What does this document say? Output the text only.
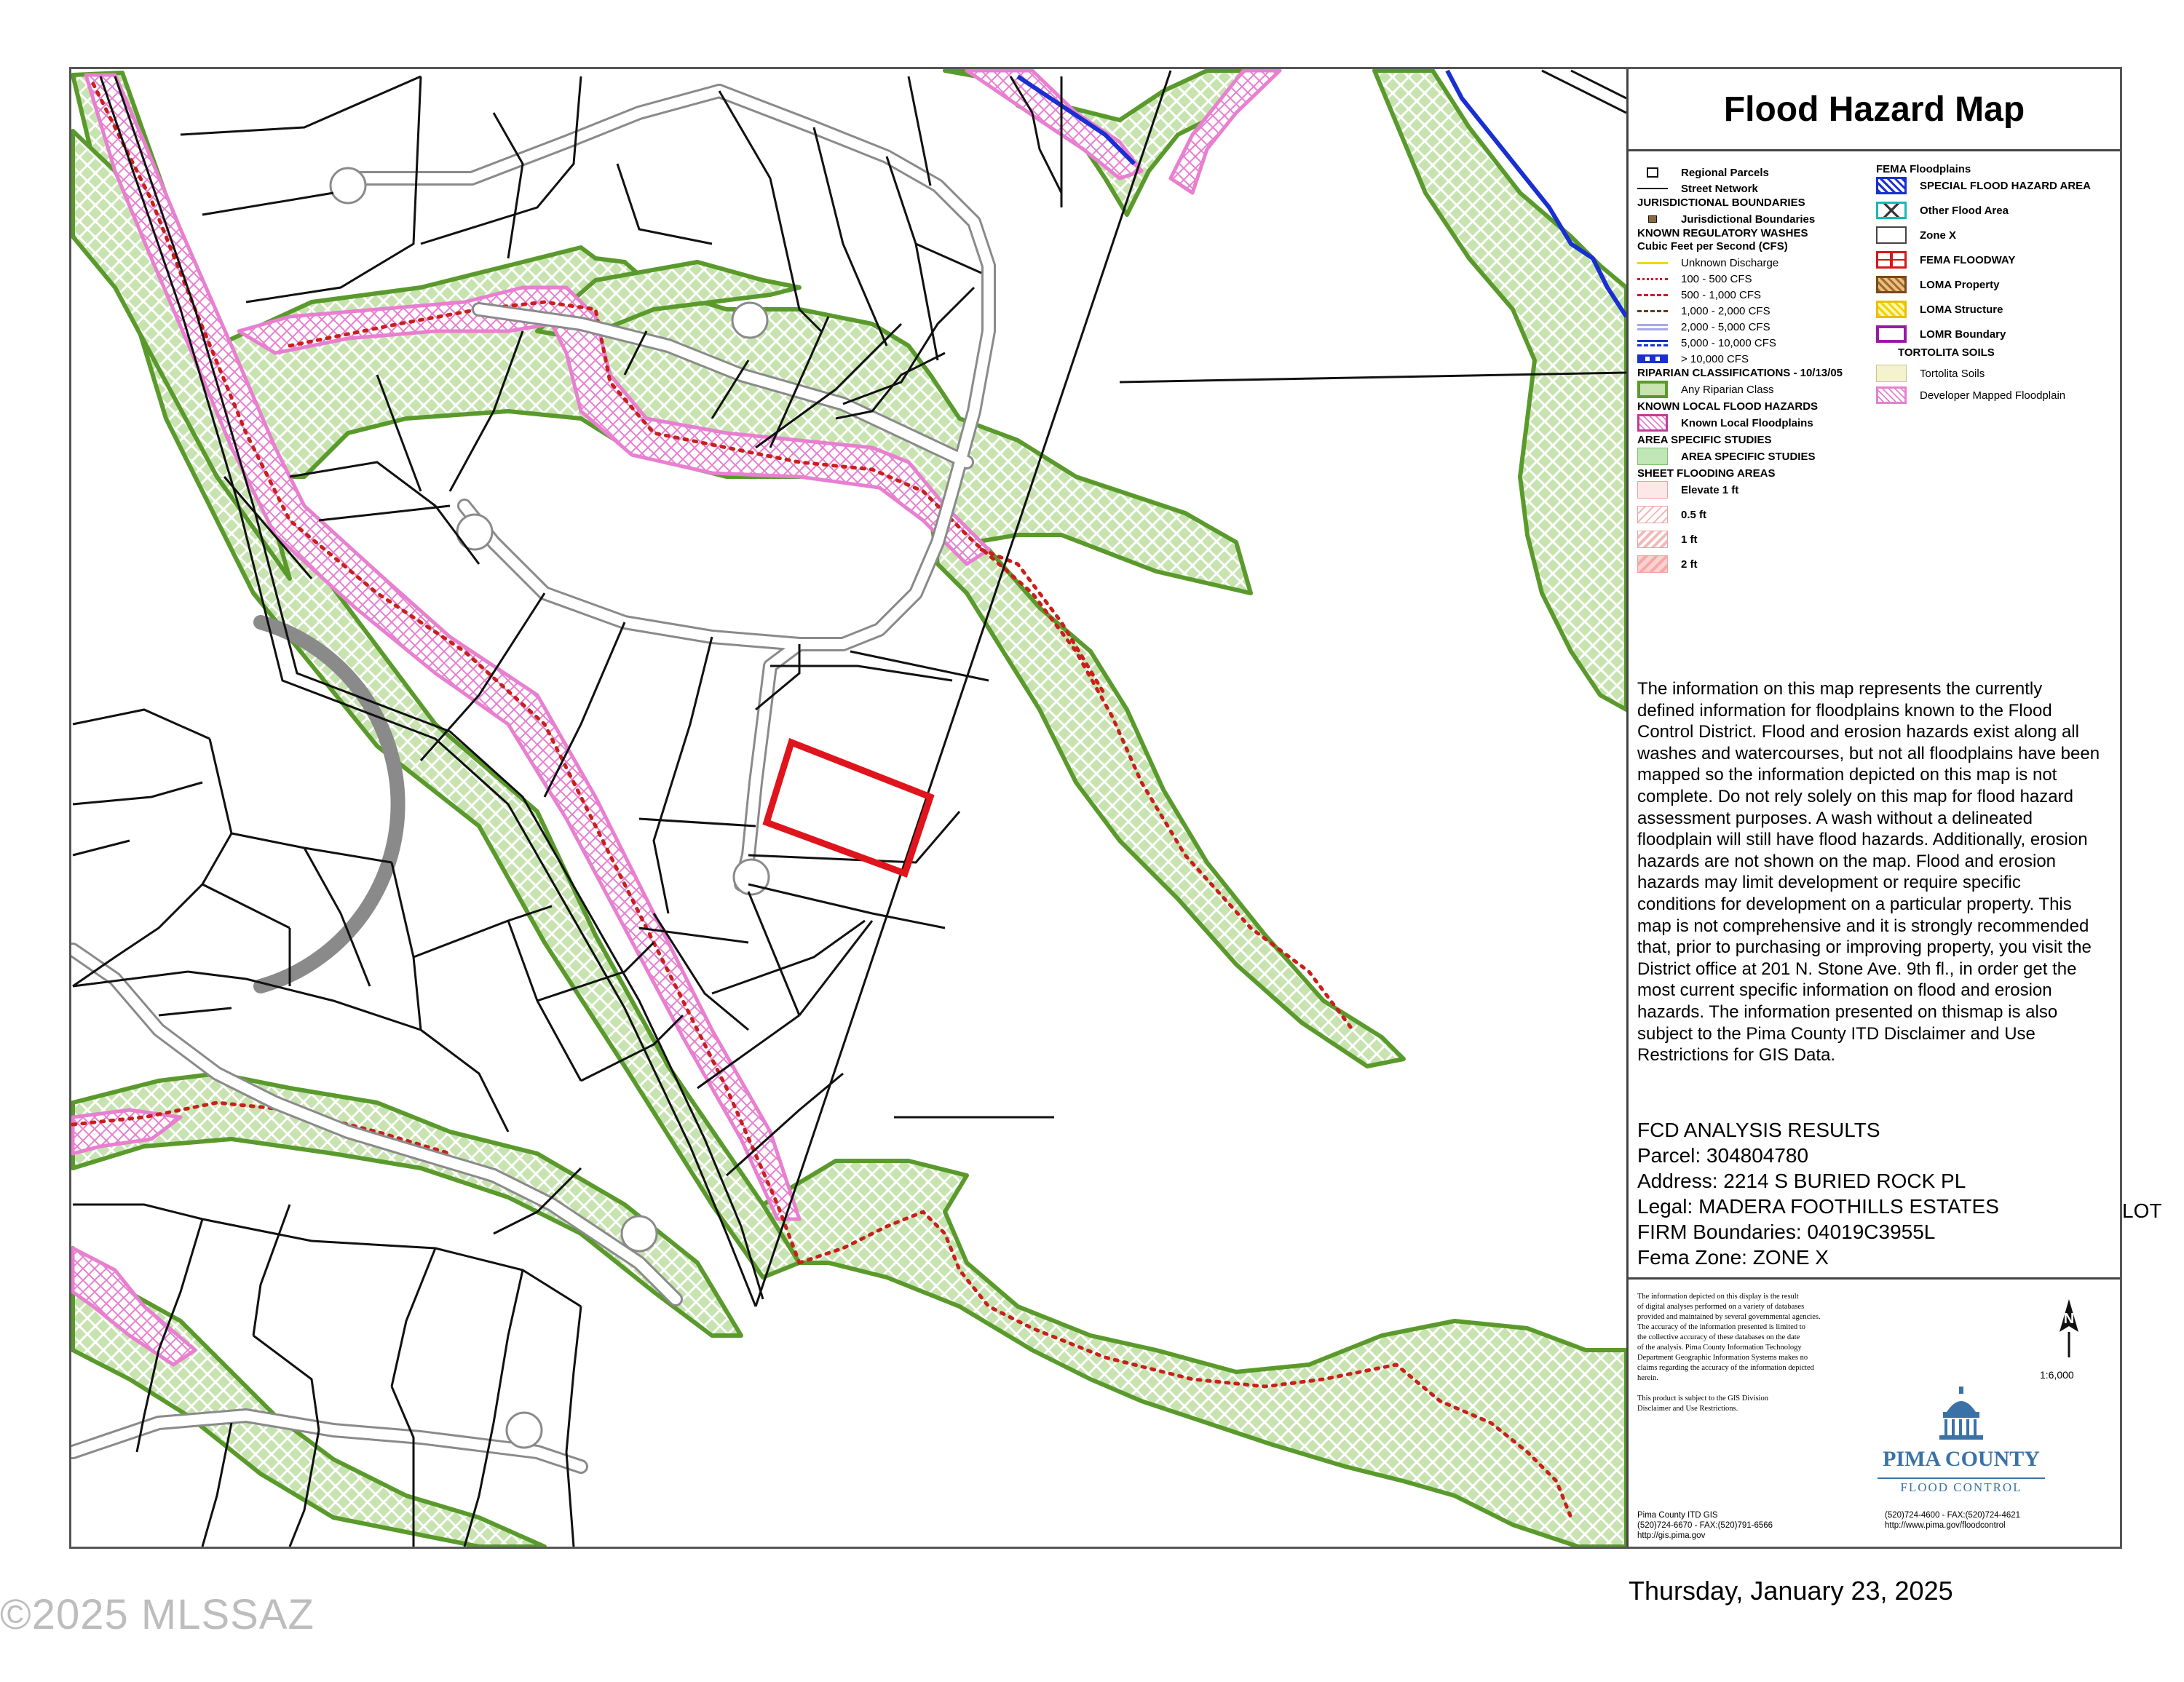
Flood Hazard Map
Regional Parcels
Street Network
JURISDICTIONAL BOUNDARIES
Jurisdictional Boundaries
KNOWN REGULATORY WASHES
Cubic Feet per Second (CFS)
Unknown Discharge
100 - 500 CFS
500 - 1,000 CFS
1,000 - 2,000 CFS
2,000 - 5,000 CFS
5,000 - 10,000 CFS
> 10,000 CFS
RIPARIAN CLASSIFICATIONS - 10/13/05
Any Riparian Class
KNOWN LOCAL FLOOD HAZARDS
Known Local Floodplains
AREA SPECIFIC STUDIES
AREA SPECIFIC STUDIES
SHEET FLOODING AREAS
Elevate 1 ft
0.5 ft
1 ft
2 ft
FEMA Floodplains
SPECIAL FLOOD HAZARD AREA
Other Flood Area
Zone X
FEMA FLOODWAY
LOMA Property
LOMA Structure
LOMR Boundary
TORTOLITA SOILS
Tortolita Soils
Developer Mapped Floodplain
The information on this map represents the currently defined information for floodplains known to the Flood Control District. Flood and erosion hazards exist along all washes and watercourses, but not all floodplains have been mapped so the information depicted on this map is not complete. Do not rely solely on this map for flood hazard assessment purposes. A wash without a delineated floodplain will still have flood hazards. Additionally, erosion hazards are not shown on the map. Flood and erosion hazards may limit development or require specific conditions for development on a particular property. This map is not comprehensive and it is strongly recommended that, prior to purchasing or improving property, you visit the District office at 201 N. Stone Ave. 9th fl., in order get the most current specific information on flood and erosion hazards. The information presented on thismap is also subject to the Pima County ITD Disclaimer and Use Restrictions for GIS Data.
FCD ANALYSIS RESULTS
Parcel: 304804780
Address: 2214 S BURIED ROCK PL
Legal: MADERA FOOTHILLS ESTATES
FIRM Boundaries: 04019C3955L
Fema Zone: ZONE X
The information depicted on this display is the result
of digital analyses performed on a variety of databases
provided and maintained by several governmental agencies.
The accuracy of the information presented is limited to
the collective accuracy of these databases on the date
of the analysis. Pima County Information Technology
Department Geographic Information Systems makes no
claims regarding the accuracy of the information depicted
herein.
This product is subject to the GIS Division
Disclaimer and Use Restrictions.
N
1:6,000
PIMA COUNTY
FLOOD CONTROL
Pima County ITD GIS
(520)724-6670 - FAX:(520)791-6566
http://gis.pima.gov
(520)724-4600 - FAX:(520)724-4621
http://www.pima.gov/floodcontrol
LOT
Thursday, January 23, 2025
©2025 MLSSAZ
